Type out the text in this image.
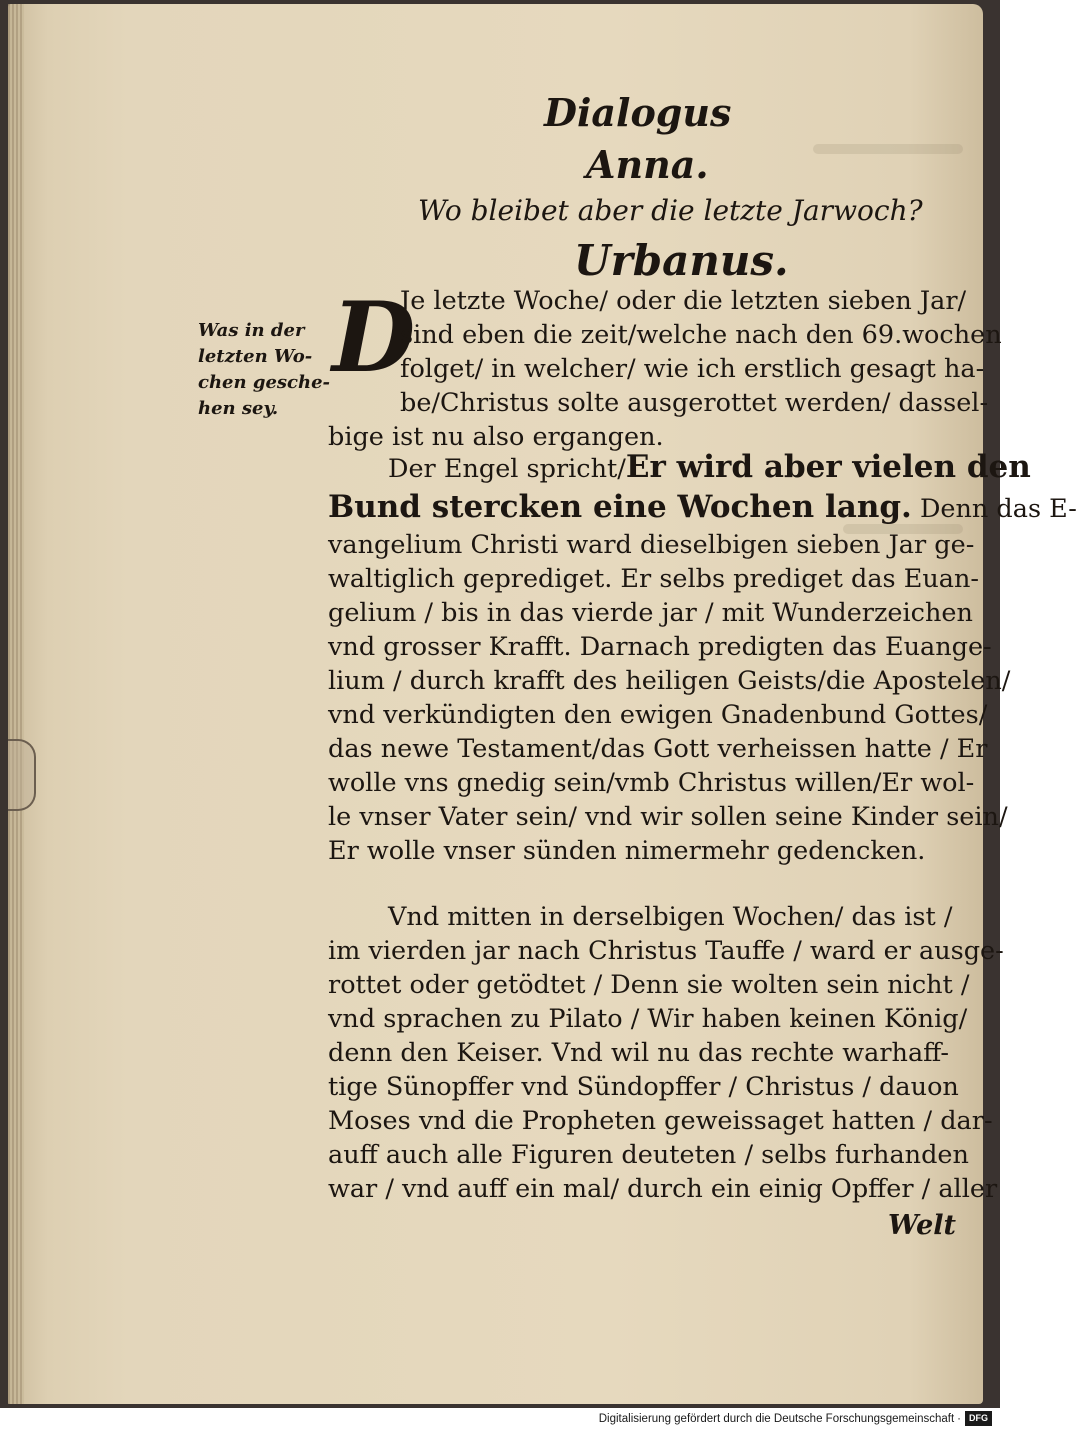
Dialogus
Anna.
Wo bleibet aber die letzte Jarwoch?
Urbanus.
D
Was in der
letzten Wo-
chen gesche-
hen sey.
Je letzte Woche/ oder die letzten sieben Jar/
sind eben die zeit/welche nach den 69.wochen
folget/ in welcher/ wie ich erstlich gesagt ha-
be/Christus solte ausgerottet werden/ dassel-
bige ist nu also ergangen.
Der Engel spricht/Er wird aber vielen den
Bund stercken eine Wochen lang. Denn das E-
vangelium Christi ward dieselbigen sieben Jar ge-
waltiglich geprediget. Er selbs prediget das Euan-
gelium / bis in das vierde jar / mit Wunderzeichen
vnd grosser Krafft. Darnach predigten das Euange-
lium / durch krafft des heiligen Geists/die Apostelen/
vnd verkündigten den ewigen Gnadenbund Gottes/
das newe Testament/das Gott verheissen hatte / Er
wolle vns gnedig sein/vmb Christus willen/Er wol-
le vnser Vater sein/ vnd wir sollen seine Kinder sein/
Er wolle vnser sünden nimermehr gedencken.
Vnd mitten in derselbigen Wochen/ das ist /
im vierden jar nach Christus Tauffe / ward er ausge-
rottet oder getödtet / Denn sie wolten sein nicht /
vnd sprachen zu Pilato / Wir haben keinen König/
denn den Keiser. Vnd wil nu das rechte warhaff-
tige Sünopffer vnd Sündopffer / Christus / dauon
Moses vnd die Propheten geweissaget hatten / dar-
auff auch alle Figuren deuteten / selbs furhanden
war / vnd auff ein mal/ durch ein einig Opffer / aller
Welt
Digitalisierung gefördert durch die Deutsche Forschungsgemeinschaft · DFG
